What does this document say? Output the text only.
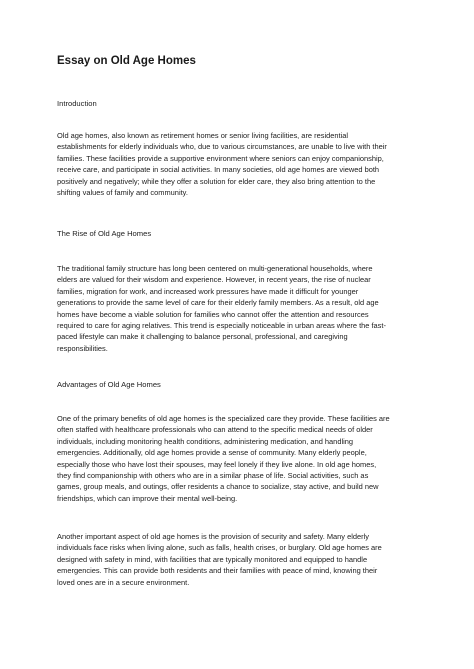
Essay on Old Age Homes
Introduction
Old age homes, also known as retirement homes or senior living facilities, are residential
establishments for elderly individuals who, due to various circumstances, are unable to live with their
families. These facilities provide a supportive environment where seniors can enjoy companionship,
receive care, and participate in social activities. In many societies, old age homes are viewed both
positively and negatively; while they offer a solution for elder care, they also bring attention to the
shifting values of family and community.
The Rise of Old Age Homes
The traditional family structure has long been centered on multi-generational households, where
elders are valued for their wisdom and experience. However, in recent years, the rise of nuclear
families, migration for work, and increased work pressures have made it difficult for younger
generations to provide the same level of care for their elderly family members. As a result, old age
homes have become a viable solution for families who cannot offer the attention and resources
required to care for aging relatives. This trend is especially noticeable in urban areas where the fast-
paced lifestyle can make it challenging to balance personal, professional, and caregiving
responsibilities.
Advantages of Old Age Homes
One of the primary benefits of old age homes is the specialized care they provide. These facilities are
often staffed with healthcare professionals who can attend to the specific medical needs of older
individuals, including monitoring health conditions, administering medication, and handling
emergencies. Additionally, old age homes provide a sense of community. Many elderly people,
especially those who have lost their spouses, may feel lonely if they live alone. In old age homes,
they find companionship with others who are in a similar phase of life. Social activities, such as
games, group meals, and outings, offer residents a chance to socialize, stay active, and build new
friendships, which can improve their mental well-being.
Another important aspect of old age homes is the provision of security and safety. Many elderly
individuals face risks when living alone, such as falls, health crises, or burglary. Old age homes are
designed with safety in mind, with facilities that are typically monitored and equipped to handle
emergencies. This can provide both residents and their families with peace of mind, knowing their
loved ones are in a secure environment.
